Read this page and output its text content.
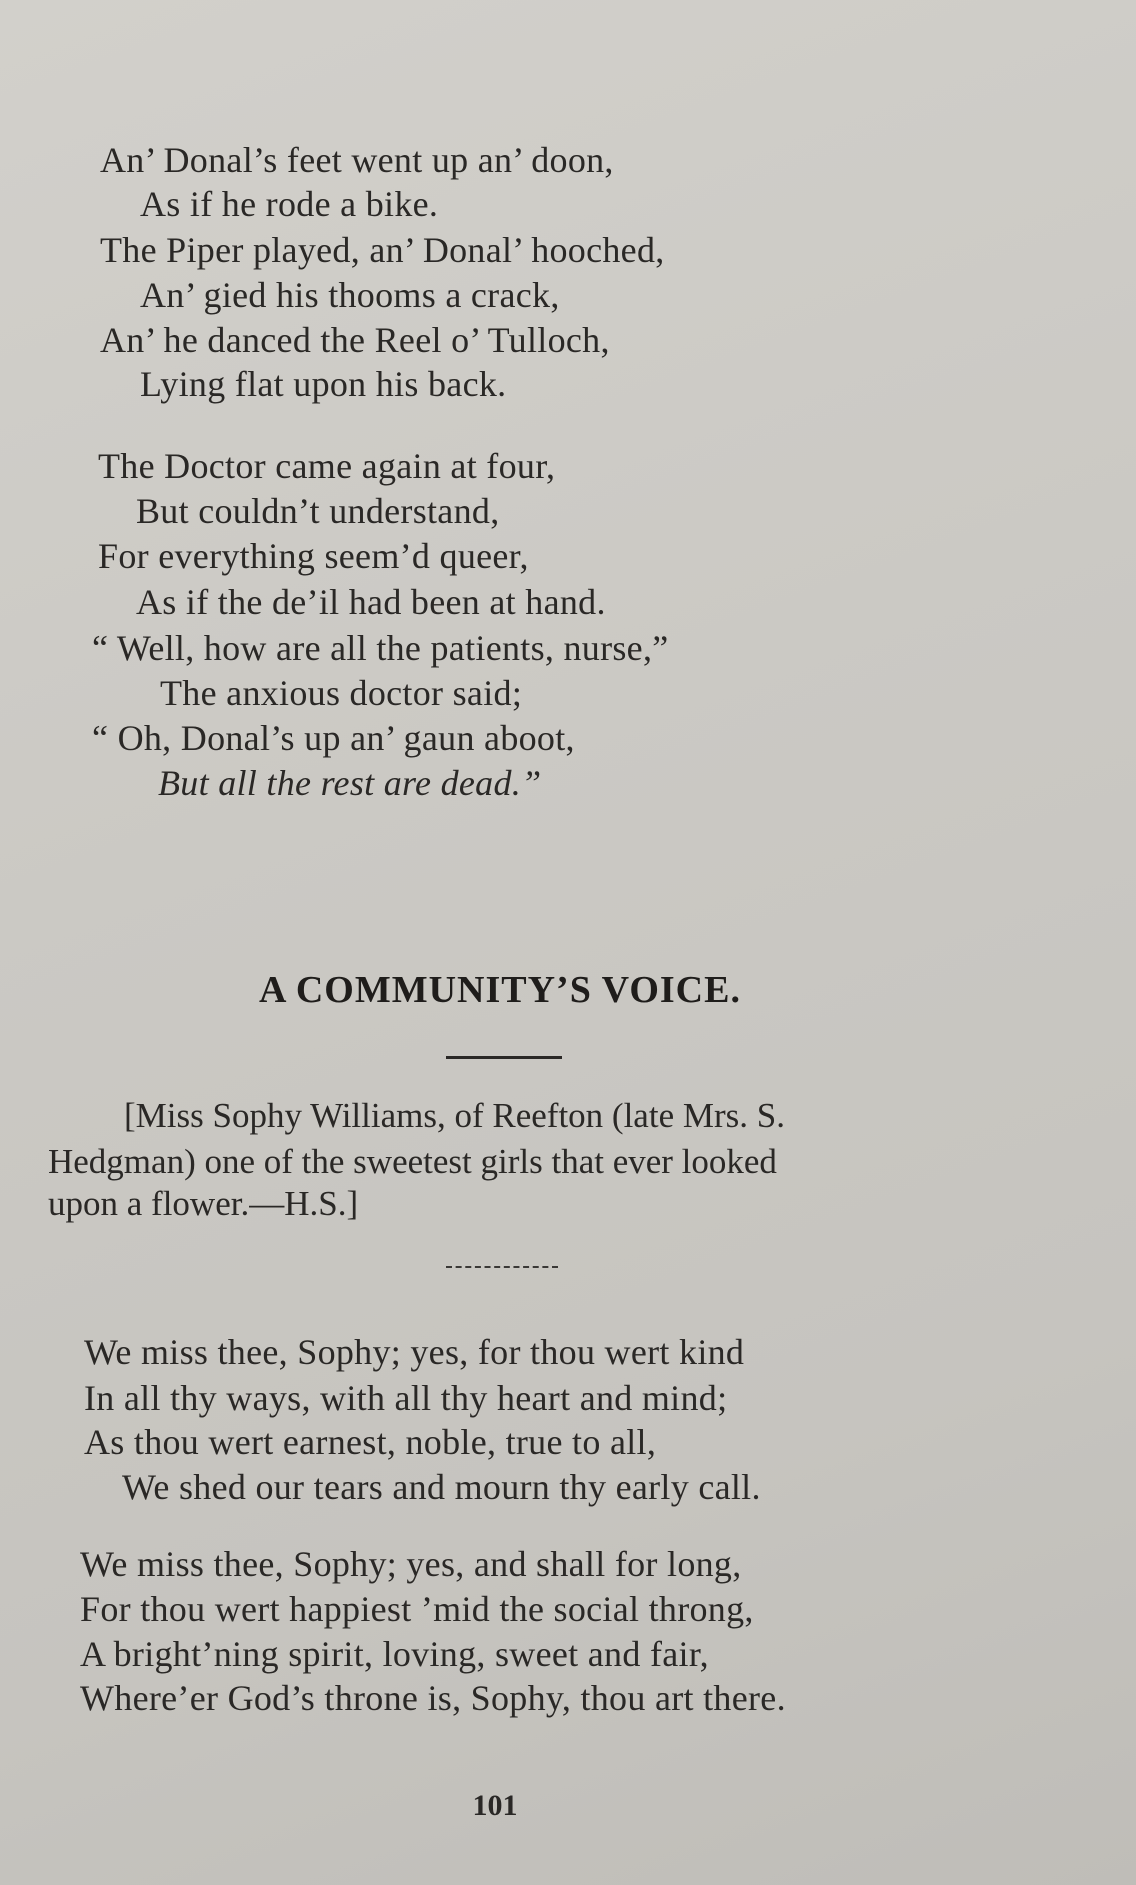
An’ Donal’s feet went up an’ doon,
As if he rode a bike.
The Piper played, an’ Donal’ hooched,
An’ gied his thooms a crack,
An’ he danced the Reel o’ Tulloch,
Lying flat upon his back.
The Doctor came again at four,
But couldn’t understand,
For everything seem’d queer,
As if the de’il had been at hand.
“ Well, how are all the patients, nurse,”
The anxious doctor said;
“ Oh, Donal’s up an’ gaun aboot,
But all the rest are dead.”
A COMMUNITY’S VOICE.
[Miss Sophy Williams, of Reefton (late Mrs. S.
Hedgman) one of the sweetest girls that ever looked
upon a flower.—H.S.]
We miss thee, Sophy; yes, for thou wert kind
In all thy ways, with all thy heart and mind;
As thou wert earnest, noble, true to all,
We shed our tears and mourn thy early call.
We miss thee, Sophy; yes, and shall for long,
For thou wert happiest ’mid the social throng,
A bright’ning spirit, loving, sweet and fair,
Where’er God’s throne is, Sophy, thou art there.
101
